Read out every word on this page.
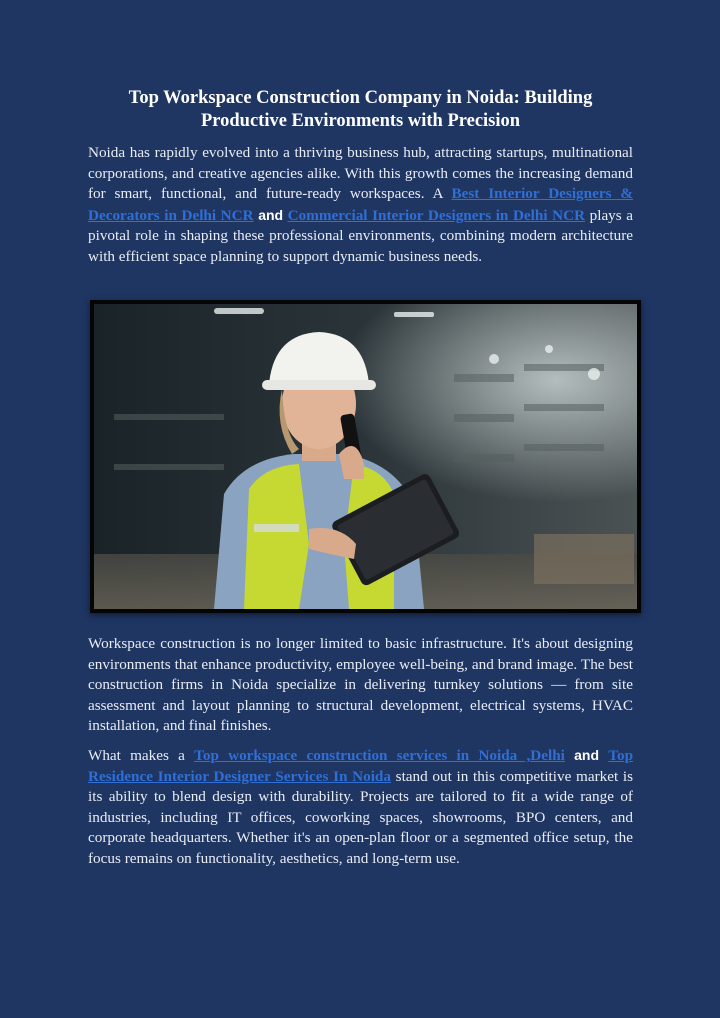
Top Workspace Construction Company in Noida: Building Productive Environments with Precision

Noida has rapidly evolved into a thriving business hub, attracting startups, multinational corporations, and creative agencies alike. With this growth comes the increasing demand for smart, functional, and future-ready workspaces. A Best Interior Designers & Decorators in Delhi NCR and Commercial Interior Designers in Delhi NCR plays a pivotal role in shaping these professional environments, combining modern architecture with efficient space planning to support dynamic business needs.

Workspace construction is no longer limited to basic infrastructure. It's about designing environments that enhance productivity, employee well-being, and brand image. The best construction firms in Noida specialize in delivering turnkey solutions — from site assessment and layout planning to structural development, electrical systems, HVAC installation, and final finishes.

What makes a Top workspace construction services in Noida ,Delhi and Top Residence Interior Designer Services In Noida stand out in this competitive market is its ability to blend design with durability. Projects are tailored to fit a wide range of industries, including IT offices, coworking spaces, showrooms, BPO centers, and corporate headquarters. Whether it's an open-plan floor or a segmented office setup, the focus remains on functionality, aesthetics, and long-term use.
